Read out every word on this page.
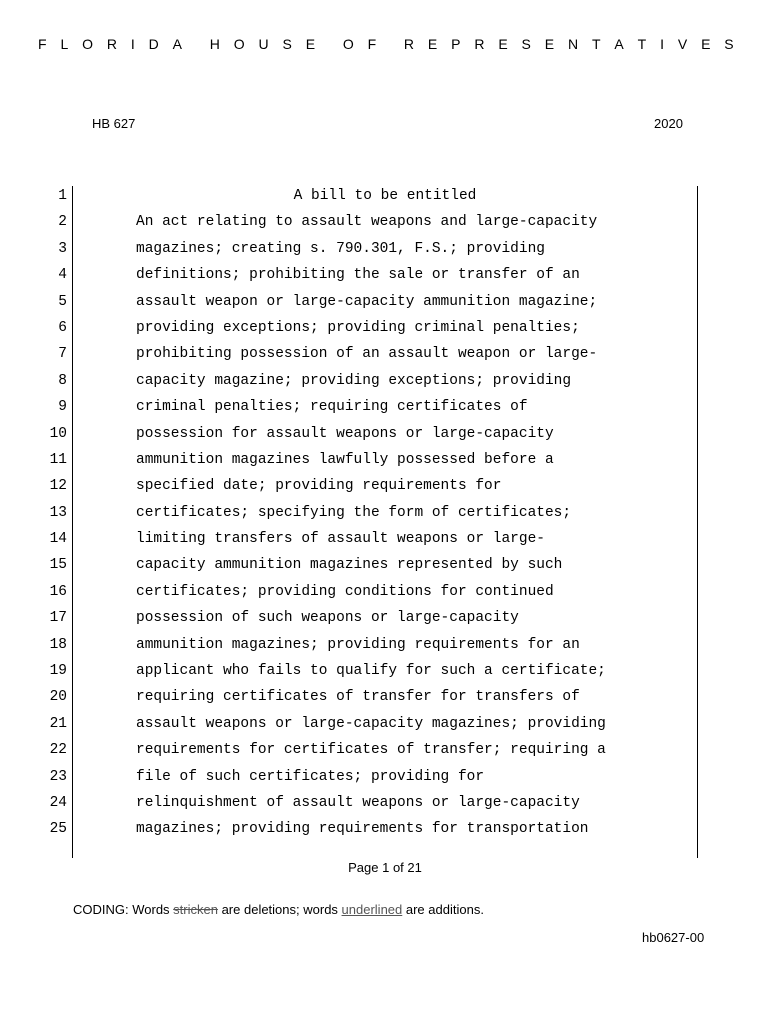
F L O R I D A H O U S E O F R E P R E S E N T A T I V E S
HB 627	2020
1	A bill to be entitled
2	An act relating to assault weapons and large-capacity
3	magazines; creating s. 790.301, F.S.; providing
4	definitions; prohibiting the sale or transfer of an
5	assault weapon or large-capacity ammunition magazine;
6	providing exceptions; providing criminal penalties;
7	prohibiting possession of an assault weapon or large-
8	capacity magazine; providing exceptions; providing
9	criminal penalties; requiring certificates of
10	possession for assault weapons or large-capacity
11	ammunition magazines lawfully possessed before a
12	specified date; providing requirements for
13	certificates; specifying the form of certificates;
14	limiting transfers of assault weapons or large-
15	capacity ammunition magazines represented by such
16	certificates; providing conditions for continued
17	possession of such weapons or large-capacity
18	ammunition magazines; providing requirements for an
19	applicant who fails to qualify for such a certificate;
20	requiring certificates of transfer for transfers of
21	assault weapons or large-capacity magazines; providing
22	requirements for certificates of transfer; requiring a
23	file of such certificates; providing for
24	relinquishment of assault weapons or large-capacity
25	magazines; providing requirements for transportation
Page 1 of 21
CODING: Words stricken are deletions; words underlined are additions.
hb0627-00
